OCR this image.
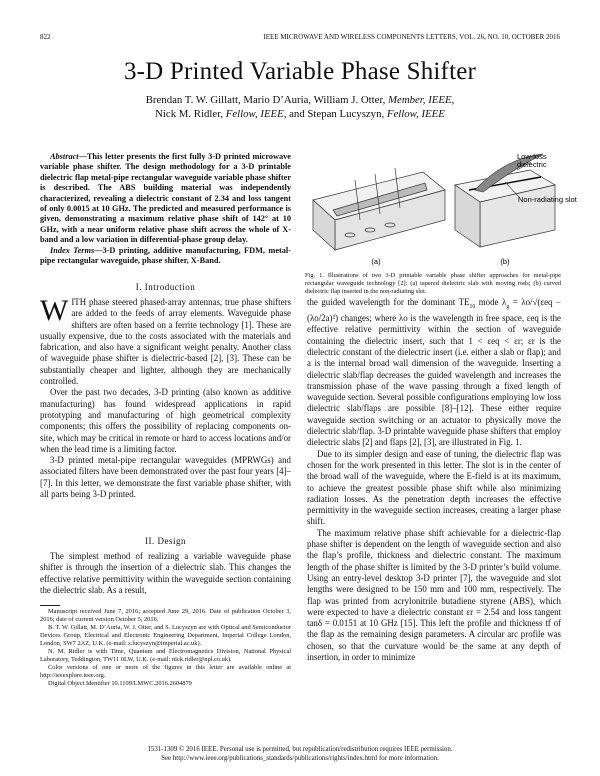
822	IEEE MICROWAVE AND WIRELESS COMPONENTS LETTERS, VOL. 26, NO. 10, OCTOBER 2016
3-D Printed Variable Phase Shifter
Brendan T. W. Gillatt, Mario D’Auria, William J. Otter, Member, IEEE,
Nick M. Ridler, Fellow, IEEE, and Stepan Lucyszyn, Fellow, IEEE

Abstract—This letter presents the first fully 3-D printed microwave variable phase shifter. The design methodology for a 3-D printable dielectric flap metal-pipe rectangular waveguide variable phase shifter is described. The ABS building material was independently characterized, revealing a dielectric constant of 2.34 and loss tangent of only 0.0015 at 10 GHz. The predicted and measured performance is given, demonstrating a maximum relative phase shift of 142° at 10 GHz, with a near uniform relative phase shift across the whole of X-band and a low variation in differential-phase group delay.

Index Terms—3-D printing, additive manufacturing, FDM, metal-pipe rectangular waveguide, phase shifter, X-Band.

Low-loss
dielectric
Non-radiating slot
(a)	(b)
Fig. 1. Illustrations of two 3-D printable variable phase shifter approaches for metal-pipe rectangular waveguide technology [2]: (a) tapered dielectric slab with moving rods; (b) curved dielectric flap inserted in the non-radiating slot.
I. Introduction

WITH phase steered phased-array antennas, true phase shifters are added to the feeds of array elements. Waveguide phase shifters are often based on a ferrite technology [1]. These are usually expensive, due to the costs associated with the materials and fabrication, and also have a significant weight penalty. Another class of waveguide phase shifter is dielectric-based [2], [3]. These can be substantially cheaper and lighter, although they are mechanically controlled.

Over the past two decades, 3-D printing (also known as additive manufacturing) has found widespread applications in rapid prototyping and manufacturing of high geometrical complexity components; this offers the possibility of replacing components on-site, which may be critical in remote or hard to access locations and/or when the lead time is a limiting factor.

3-D printed metal-pipe rectangular waveguides (MPRWGs) and associated filters have been demonstrated over the past four years [4]–[7]. In this letter, we demonstrate the first variable phase shifter, with all parts being 3-D printed.

II. Design

The simplest method of realizing a variable waveguide phase shifter is through the insertion of a dielectric slab. This changes the effective relative permittivity within the waveguide section containing the dielectric slab. As a result,

Manuscript received June 7, 2016; accepted June 29, 2016. Date of publication October 3, 2016; date of current version October 5, 2016.

B. T. W. Gillatt, M. D’Auria, W. J. Otter, and S. Lucyszyn are with Optical and Semiconductor Devices Group, Electrical and Electronic Engineering Department, Imperial College London, London, SW7 2AZ, U.K. (e-mail: s.lucyszyn@imperial.ac.uk).

N. M. Ridler is with Time, Quantum and Electromagnetics Division, National Physical Laboratory, Teddington, TW11 0LW, U.K. (e-mail: nick.ridler@npl.co.uk).

Color versions of one or more of the figures in this letter are available online at http://ieeexplore.ieee.org.

Digital Object Identifier 10.1109/LMWC.2016.2604879

the guided wavelength for the dominant $TE_{10}$ mode $\lambda_g = \lambda o/√(\varepsilon eq - (\lambda o/2a)^2)$ changes; where λo is the wavelength in free space, εeq is the effective relative permittivity within the section of waveguide containing the dielectric insert, such that 1 < εeq < εr; εr is the dielectric constant of the dielectric insert (i.e. either a slab or flap); and a is the internal broad wall dimension of the waveguide. Inserting a dielectric slab/flap decreases the guided wavelength and increases the transmission phase of the wave passing through a fixed length of waveguide section. Several possible configurations employing low loss dielectric slab/flaps are possible [8]–[12]. These either require waveguide section switching or an actuator to physically move the dielectric slab/flap. 3-D printable waveguide phase shifters that employ dielectric slabs [2] and flaps [2], [3], are illustrated in Fig. 1.

Due to its simpler design and ease of tuning, the dielectric flap was chosen for the work presented in this letter. The slot is in the center of the broad wall of the waveguide, where the E-field is at its maximum, to achieve the greatest possible phase shift while also minimizing radiation losses. As the penetration depth increases the effective permittivity in the waveguide section increases, creating a larger phase shift.

The maximum relative phase shift achievable for a dielectric-flap phase shifter is dependent on the length of waveguide section and also the flap’s profile, thickness and dielectric constant. The maximum length of the phase shifter is limited by the 3-D printer’s build volume. Using an entry-level desktop 3-D printer [7], the waveguide and slot lengths were designed to be 150 mm and 100 mm, respectively. The flap was printed from acrylonitrile butadiene styrene (ABS), which were expected to have a dielectric constant εr = 2.54 and loss tangent tanδ = 0.0151 at 10 GHz [15]. This left the profile and thickness tf of the flap as the remaining design parameters. A circular arc profile was chosen, so that the curvature would be the same at any depth of insertion, in order to minimize

1531-1309 © 2016 IEEE. Personal use is permitted, but republication/redistribution requires IEEE permission.
See http://www.ieee.org/publications_standards/publications/rights/index.html for more information.
